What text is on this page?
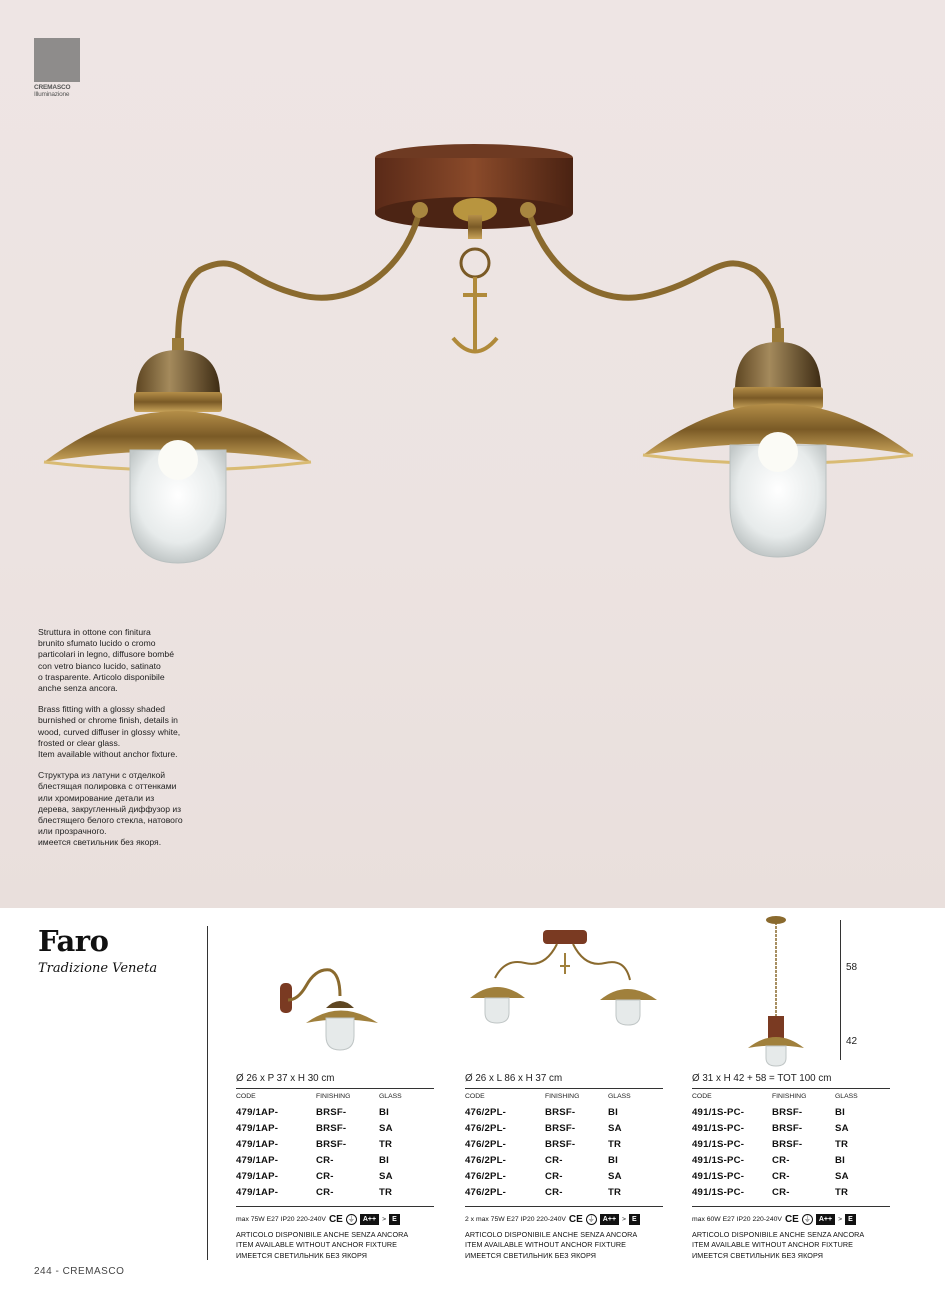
CREMASCO
Illuminazione

Struttura in ottone con finitura
brunito sfumato lucido o cromo
particolari in legno, diffusore bombé
con vetro bianco lucido, satinato
o trasparente. Articolo disponibile
anche senza ancora.

Brass fitting with a glossy shaded
burnished or chrome finish, details in
wood, curved diffuser in glossy white,
frosted or clear glass.
Item available without anchor fixture.

Структура из латуни с отделкой
блестящая полировка с оттенками
или хромирование детали из
дерева, закругленный диффузор из
блестящего белого стекла, натового
или прозрачного.
имеется светильник без якоря.

Faro
Tradizione Veneta
Ø 26 x P 37 x H 30 cm
CODE	FINISHING	GLASS
479/1AP-	BRSF-	BI
479/1AP-	BRSF-	SA
479/1AP-	BRSF-	TR
479/1AP-	CR-	BI
479/1AP-	CR-	SA
479/1AP-	CR-	TR
max 75W E27 IP20 220-240V CE ⏚	A++ > E
ARTICOLO DISPONIBILE ANCHE SENZA ANCORA
ITEM AVAILABLE WITHOUT ANCHOR FIXTURE
ИМЕЕТСЯ СВЕТИЛЬНИК БЕЗ ЯКОРЯ
Ø 26 x L 86 x H 37 cm
CODE	FINISHING	GLASS
476/2PL-	BRSF-	BI
476/2PL-	BRSF-	SA
476/2PL-	BRSF-	TR
476/2PL-	CR-	BI
476/2PL-	CR-	SA
476/2PL-	CR-	TR
2 x max 75W E27 IP20 220-240V CE ⏚	A++ > E
ARTICOLO DISPONIBILE ANCHE SENZA ANCORA
ITEM AVAILABLE WITHOUT ANCHOR FIXTURE
ИМЕЕТСЯ СВЕТИЛЬНИК БЕЗ ЯКОРЯ
Ø 31 x H 42 + 58 = TOT 100 cm
CODE	FINISHING	GLASS
491/1S-PC-	BRSF-	BI
491/1S-PC-	BRSF-	SA
491/1S-PC-	BRSF-	TR
491/1S-PC-	CR-	BI
491/1S-PC-	CR-	SA
491/1S-PC-	CR-	TR
max 60W E27 IP20 220-240V CE ⏚	A++ > E
ARTICOLO DISPONIBILE ANCHE SENZA ANCORA
ITEM AVAILABLE WITHOUT ANCHOR FIXTURE
ИМЕЕТСЯ СВЕТИЛЬНИК БЕЗ ЯКОРЯ
58
42
244 - CREMASCO
